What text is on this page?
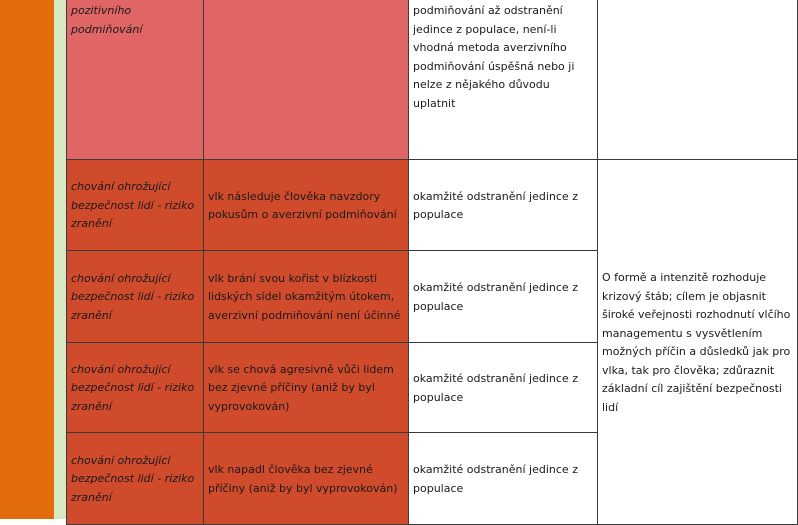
pozitivního podmiňování		podmiňování až odstranění jedince z populace, není-li vhodná metoda averzivního podmiňování úspěšná nebo ji nelze z nějakého důvodu uplatnit	
chování ohrožující bezpečnost lidí - riziko zranění	vlk následuje člověka navzdory pokusům o averzivní podmiňování	okamžité odstranění jedince z populace	O formě a intenzitě rozhoduje krizový štáb; cílem je objasnit široké veřejnosti rozhodnutí vlčího managementu s vysvětlením možných příčin a důsledků jak pro vlka, tak pro člověka; zdůraznit základní cíl zajištění bezpečnosti lidí
chování ohrožující bezpečnost lidí - riziko zranění	vlk brání svou kořist v blízkosti lidských sídel okamžitým útokem, averzivní podmiňování není účinné	okamžité odstranění jedince z populace	
chování ohrožující bezpečnost lidí - riziko zranění	vlk se chová agresivně vůči lidem bez zjevné příčiny (aniž by byl vyprovokován)	okamžité odstranění jedince z populace	
chování ohrožující bezpečnost lidí - riziko zranění	vlk napadl člověka bez zjevné příčiny (aniž by byl vyprovokován)	okamžité odstranění jedince z populace	
